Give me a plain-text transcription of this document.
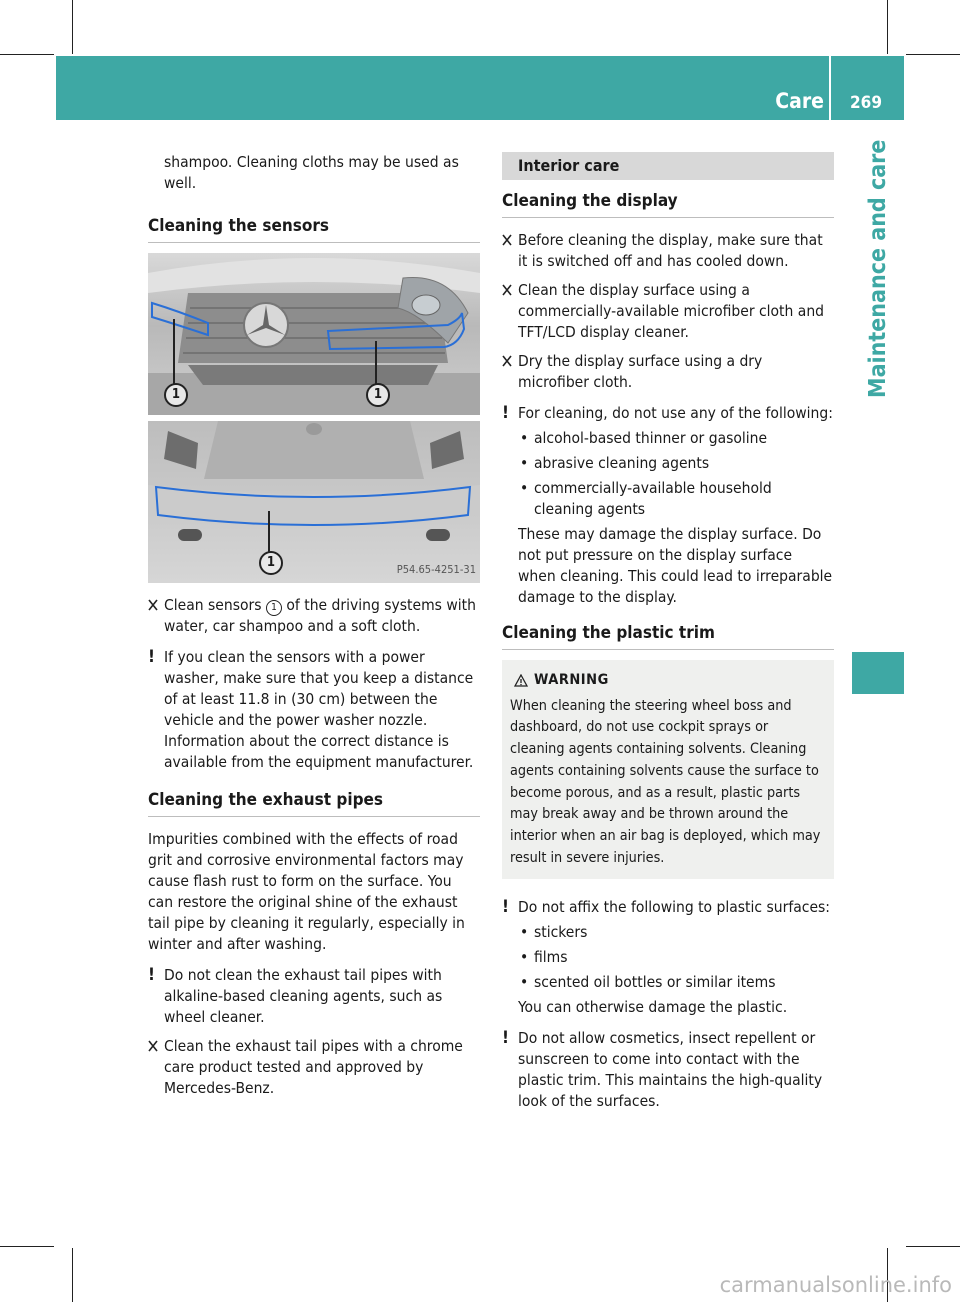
Care	269
Maintenance and care

shampoo. Cleaning cloths may be used as well.

Cleaning the sensors
1	1
1	P54.65-4251-31
Clean sensors 1 of the driving systems with water, car shampoo and a soft cloth.
! If you clean the sensors with a power washer, make sure that you keep a distance of at least 11.8 in (30 cm) between the vehicle and the power washer nozzle. Information about the correct distance is available from the equipment manufacturer.
Cleaning the exhaust pipes

Impurities combined with the effects of road grit and corrosive environmental factors may cause flash rust to form on the surface. You can restore the original shine of the exhaust tail pipe by cleaning it regularly, especially in winter and after washing.

! Do not clean the exhaust tail pipes with alkaline-based cleaning agents, such as wheel cleaner.
Clean the exhaust tail pipes with a chrome care product tested and approved by Mercedes-Benz.
Interior care
Cleaning the display
Before cleaning the display, make sure that it is switched off and has cooled down.
Clean the display surface using a commercially-available microfiber cloth and TFT/LCD display cleaner.
Dry the display surface using a dry microfiber cloth.
! For cleaning, do not use any of the following:
• alcohol-based thinner or gasoline
• abrasive cleaning agents
• commercially-available household cleaning agents

These may damage the display surface. Do not put pressure on the display surface when cleaning. This could lead to irreparable damage to the display.

Cleaning the plastic trim
WARNING

When cleaning the steering wheel boss and dashboard, do not use cockpit sprays or cleaning agents containing solvents. Cleaning agents containing solvents cause the surface to become porous, and as a result, plastic parts may break away and be thrown around the interior when an air bag is deployed, which may result in severe injuries.

! Do not affix the following to plastic surfaces:
• stickers
• films
• scented oil bottles or similar items

You can otherwise damage the plastic.

! Do not allow cosmetics, insect repellent or sunscreen to come into contact with the plastic trim. This maintains the high-quality look of the surfaces.
carmanualsonline.info
